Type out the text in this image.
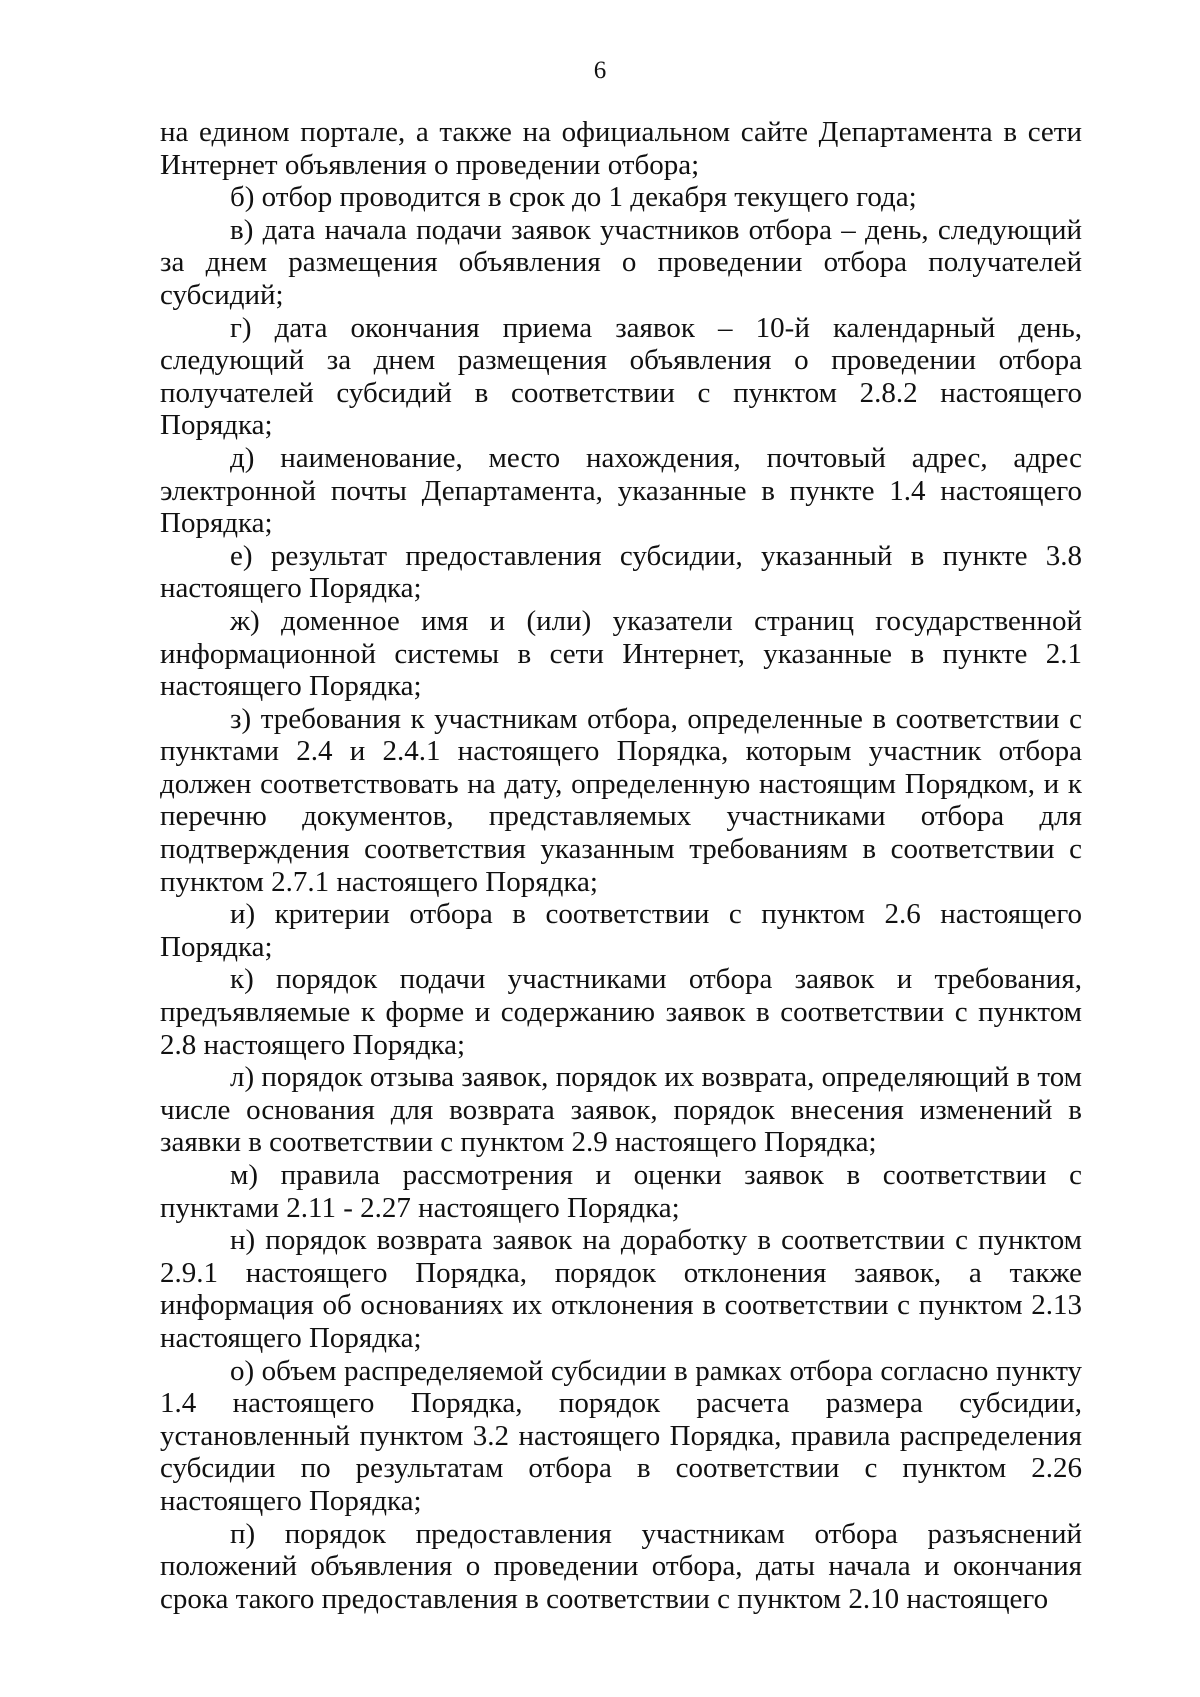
6

на едином портале, а также на официальном сайте Департамента в сети Интернет объявления о проведении отбора;

б) отбор проводится в срок до 1 декабря текущего года;

в) дата начала подачи заявок участников отбора – день, следующий за днем размещения объявления о проведении отбора получателей субсидий;

г) дата окончания приема заявок – 10-й календарный день, следующий за днем размещения объявления о проведении отбора получателей субсидий в соответствии с пунктом 2.8.2 настоящего Порядка;

д) наименование, место нахождения, почтовый адрес, адрес электронной почты Департамента, указанные в пункте 1.4 настоящего Порядка;

е) результат предоставления субсидии, указанный в пункте 3.8 настоящего Порядка;

ж) доменное имя и (или) указатели страниц государственной информационной системы в сети Интернет, указанные в пункте 2.1 настоящего Порядка;

з) требования к участникам отбора, определенные в соответствии с пунктами 2.4 и 2.4.1 настоящего Порядка, которым участник отбора должен соответствовать на дату, определенную настоящим Порядком, и к перечню документов, представляемых участниками отбора для подтверждения соответствия указанным требованиям в соответствии с пунктом 2.7.1 настоящего Порядка;

и) критерии отбора в соответствии с пунктом 2.6 настоящего Порядка;

к) порядок подачи участниками отбора заявок и требования, предъявляемые к форме и содержанию заявок в соответствии с пунктом 2.8 настоящего Порядка;

л) порядок отзыва заявок, порядок их возврата, определяющий в том числе основания для возврата заявок, порядок внесения изменений в заявки в соответствии с пунктом 2.9 настоящего Порядка;

м) правила рассмотрения и оценки заявок в соответствии с пунктами 2.11 - 2.27 настоящего Порядка;

н) порядок возврата заявок на доработку в соответствии с пунктом 2.9.1 настоящего Порядка, порядок отклонения заявок, а также информация об основаниях их отклонения в соответствии с пунктом 2.13 настоящего Порядка;

о) объем распределяемой субсидии в рамках отбора согласно пункту 1.4 настоящего Порядка, порядок расчета размера субсидии, установленный пунктом 3.2 настоящего Порядка, правила распределения субсидии по результатам отбора в соответствии с пунктом 2.26 настоящего Порядка;

п) порядок предоставления участникам отбора разъяснений положений объявления о проведении отбора, даты начала и окончания срока такого предоставления в соответствии с пунктом 2.10 настоящего
